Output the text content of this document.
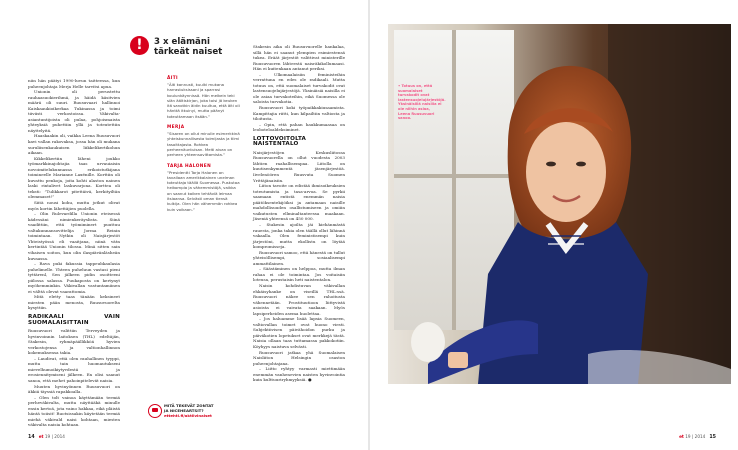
niin hän päätyi 1990-luvun taitteessa, kun puheenjohtaja Merja Helle tarvitsi apua.

Unionin oli perustettu rauhaasuokierihmä, ja häidä käsitvien määrä oli suuri. Ruusuvaari hallinnoi Kaiskaaukioikerkaa Tukinassa ja toimi tiiviisti verkostoissa. Väkivalta-asiantuntijoista oli pulaa, pohjoismaista yhteyksiä puhettiin yllä ja toteutettiin näyttelyitä.

Haaskaakin oli, vaikka Leena Ruusuvuori kavi vallan rakovaksa, jossa hän oli mukana suruliisenkaukuisen liikkelikertikohun aikaan.

Kikkelikertiin läheni joukko työmarkkinajohtajia taas urvauiaisin novoimitelukunnassa erikoistutkijana toimineelle Marianne Laxénille. Korttiin oli kuvattu penkoja, joita kohti alaston nainen laski rintalivet laskuvarjona. Korttea oli teksti: ”Tulikkarot pitettäivä, kerkityiltän olemmaset!”

Siitä nousi kohu, mutta jotkut olivat myös kortin lähettäjien puolella.

– Olin Rulevardilla Unionin eteisessä kädessäni nimienkeräyslista. Siinä vaadittiin, että työmiminert puuttuu valtakunnansovittelija Jorma Reinin toimintaan. Nytkin oli Naisjärjestöt Yhteistyössä eli vaaitjana, niinä vätn kertintää Unionin tilossa. Minä sitten sain vihaisen soiton, kun olin ilaspiävänläsheän kuvaassa.

– Rava puki fakussia tappeubkaulasia puhelimelle. Yhteen puheluun vastasi pieni tyttärenl, Sen jälkeen pidin osoitteeni piilossa salassa. Puukaposta on kertynyt myöhemminkin. Väkivallan vastuntamiinen ei välttä olevat vaarattomia.

Mitä eletty taas tänään keksineet miesten pään menosta, Ruusuvuorelta kysyttiin.

RADIKAALI VAIN SUOMALAISITTAIN

Ruusuvuori valittiin Terveyden ja hyvinvoinnin laitoksen (THL) edeltäjän, Stakesin, ryhmäpäällikköä hyvien verkostojensa ja valtionhallinnon kokemuksensa takia.

– Laudivat, että olen rauhallinen tyyppi, mutta tain huomautukseni mievelhumoikiytyvdestä ja erosiennitymiseni jälkeen. En olisi saanut sanoa, että mehet pahoinpitelevät naisia.

Muuten hyvinyönnen Ruusuvuori on äkkiä täyssiä rapakkoalla.

– Olen tolt vainoa käyttämään termiä perheväkivalta, mutta näyttääkä minulle ensin kertoä, jota vaino hakkaa, eikä pläistä häntä toiisit! Ruotsissakin käytetään termiä miehä väkivald naisi kohtaan, miesten väkivalta naisia kohtaan.

!	3 x elämäni tärkeät naiset
ÄITI
”Äiti kannusti, kuulki mukana harrastuksissani ja sparrasi koulunkäynnissä. Hän melkein teki siän äältiskirjan, joka toisi jä keuken itä sanotkin äidin kuultua, että äiti oli hänttä itkuinyi, mutta päänyt toteuttamaan itsään.”
MERJA
”Sisaren on ollut minulle esimerkkinä yhteiskunnallisesta toimijasta ja tiimi tasoittajasta. Rohkea perheenäuntuisan. Meiti aivan on perheen yhteensovittamista.”
TARJA HALONEN
”Presidentti Tarja Halonen on tavallaan amerikkalainen unelman toteuttaja täällä Suomessa. Puskutaa heikompia ja vähemmistöjä, vaikka on saanut kaiken tehtäviä leimaa itsiaansa. Selvästi oman tiensä kulkija. Olen hän vähemmän rohkea kuin voikaan.”
MITÄ TEKEVÄT ZONTAT
JA NICEHEARTSIT?
ettehti.fi/aktiivinaiset

Stakesin aika oli Ruusuvuorelle hankalaa, sillä hän ei saanut ylempien esimiestensä tukea. Eräät järjestöt valittivat ministerille Ruusuvuoren lähteestä naisräkikollumaasi. Hän ei kuitenkaan antanut periksi.

– Ulkomaalaisiin feministeihin verrattuna en edes ole radikaali. Mutta totuus on, että suomalaiset turvakodit ovat lastensuojelujärjestöjä. Yksinäisiä naisilla ei ole asiaa turvakoteihin, eikä Suomessa ole saloista turvakotia.

Ruusuvuori koki työpaikkakiusaamista. Kampittajia riitti, kun kilpailtiin valtiosta ja tiloitusta.

– Opin, että pahan haukkumaasaa on leoboteloaldeksiminet.

LOTTOVOITOLTA NAISTENTALO

Naisjärjestöjen Keskusliitossa Ruusuvuorella on ollut vuodesta 2003 lähtien raahallisempaa. Liitolla on kuutisenkymmentä jäsenjärjestöä. Iivelenöören Ruusvuta Suomen Yrittäjänaisiin.

Liiton tavoite on edistää ihmisoikeuksien toteutumista ja tasa-arvoa. Se pyrkii saamaan entistä enemmän naisia päätöksentekijöiksi ja antamaan naisille mahdollisuuden osallistumiseen ja omiiin vaikutusten ellminaltanteessa maakaan. Jäseniä yhteensä on 450 000.

– Stakesin ajoilta jäi kiehänmästä rauesta, jonka takia olen täällä ollut lähinnä vakaalla. Olen feministisempi kuin järjestöni, mutta ekollistu on löytää kompromisseja.

Ruusuvuori samoo, että hänestä on tullut yhteisöllisempi, sosiaalisempi ammattilainen.

– Säästäminen on helppoa, mutta ilman rahaa ei ole toimintaa. Jos voitaisiin loteusa, perustaisin heti naistentalon.

Naisin kohdistuvan väkivallan ehkäisyhanke on viseillä THL:ssä. Ruusuvuori näkee sen rahoitusta vähennetään. Prostituutioon liittyvistä asioista ei vaivata saakaan. Myös lapsiperheiden asema huolettaa.

– Jos haluamme lisää lapsia Suomeen, valtiovallan toimet ovat huono viesti. Subjektiivisen päivähoidon purku ja päiväkotien lopetukset ovat merkkejä tästä. Naisia ollaan taas tuttamassa pakkokotiin. Köyhyys naistuva selvästi.

Ruusuvuori jatkaa yhä Suomalaisen Naisliiton Helsingin osaston puheenjohtajana.

– Liitto ryhtyy varmasti miettimään enemmän vanhenevien naisten hyvinvointia kuin kulttuuriryhmyyksiä. ●

• Totuus on, että suomalaiset turvakodit ovat lastensuojelujärjestöjä. Yksinäisillä naisilla ei ole niihin asiaa, Leena Ruusuvuori sanoo.
14 et 19 | 2014	et 19 | 2014 15
